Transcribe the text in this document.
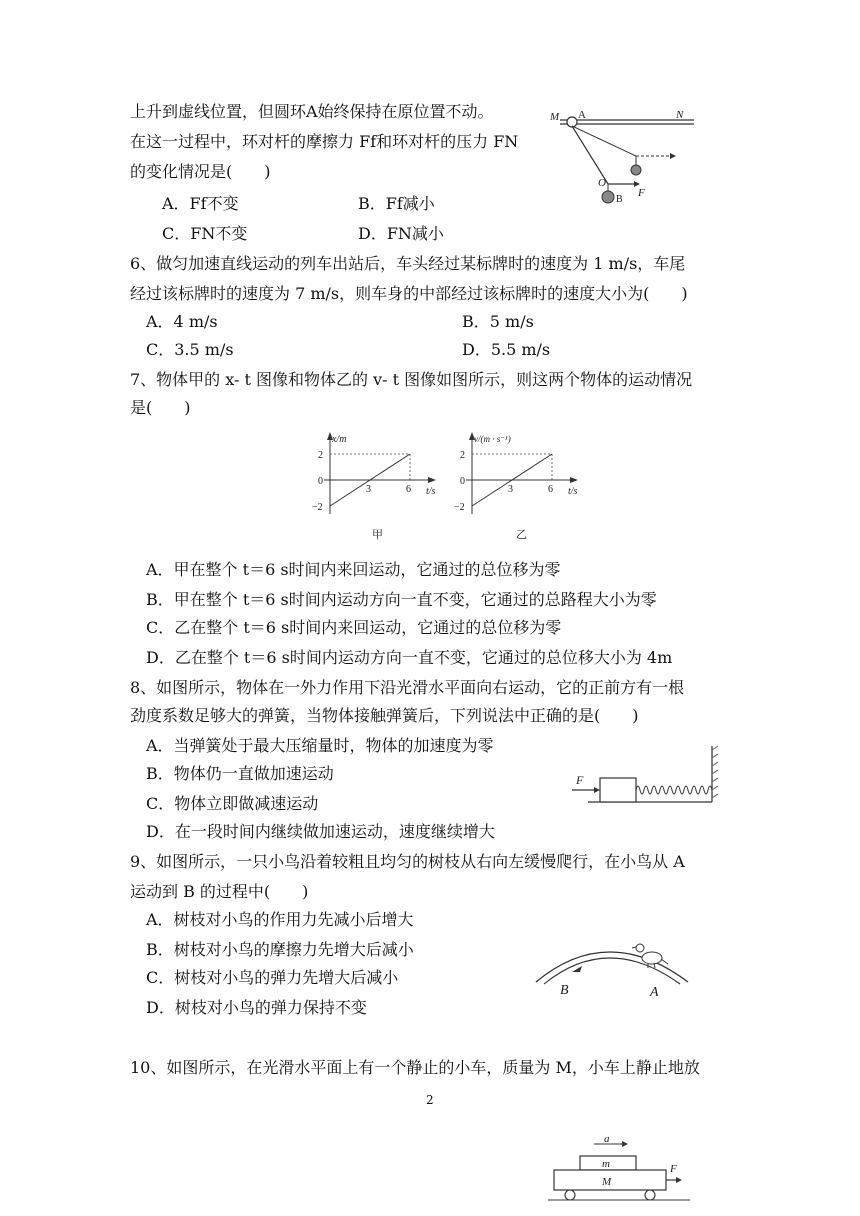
上升到虚线位置，但圆环A始终保持在原位置不动。
在这一过程中，环对杆的摩擦力 Ff和环对杆的压力 FN
的变化情况是(　　)
A．Ff不变	B．Ff减小
C．FN不变	D．FN减小
M A	N
O
F
B
6、做匀加速直线运动的列车出站后，车头经过某标牌时的速度为 1 m/s，车尾
经过该标牌时的速度为 7 m/s，则车身的中部经过该标牌时的速度大小为(　　)
A．4 m/s	B．5 m/s
C．3.5 m/s	D．5.5 m/s
7、物体甲的 x- t 图像和物体乙的 v- t 图像如图所示，则这两个物体的运动情况
是(　　)
x/m
2
0
−2
3	6 t/s
甲
v/(m · s⁻¹)
2
0
−2
3	6 t/s
乙
A．甲在整个 t＝6 s时间内来回运动，它通过的总位移为零
B．甲在整个 t＝6 s时间内运动方向一直不变，它通过的总路程大小为零
C．乙在整个 t＝6 s时间内来回运动，它通过的总位移为零
D．乙在整个 t＝6 s时间内运动方向一直不变，它通过的总位移大小为 4m
8、如图所示，物体在一外力作用下沿光滑水平面向右运动，它的正前方有一根
劲度系数足够大的弹簧，当物体接触弹簧后，下列说法中正确的是(　　)
A．当弹簧处于最大压缩量时，物体的加速度为零
B．物体仍一直做加速运动
C．物体立即做减速运动
D．在一段时间内继续做加速运动，速度继续增大
F
9、如图所示，一只小鸟沿着较粗且均匀的树枝从右向左缓慢爬行，在小鸟从 A
运动到 B 的过程中(　　)
A．树枝对小鸟的作用力先减小后增大
B．树枝对小鸟的摩擦力先增大后减小
C．树枝对小鸟的弹力先增大后减小
D．树枝对小鸟的弹力保持不变
B	A
10、如图所示，在光滑水平面上有一个静止的小车，质量为 M，小车上静止地放
2
a
m
M
F
